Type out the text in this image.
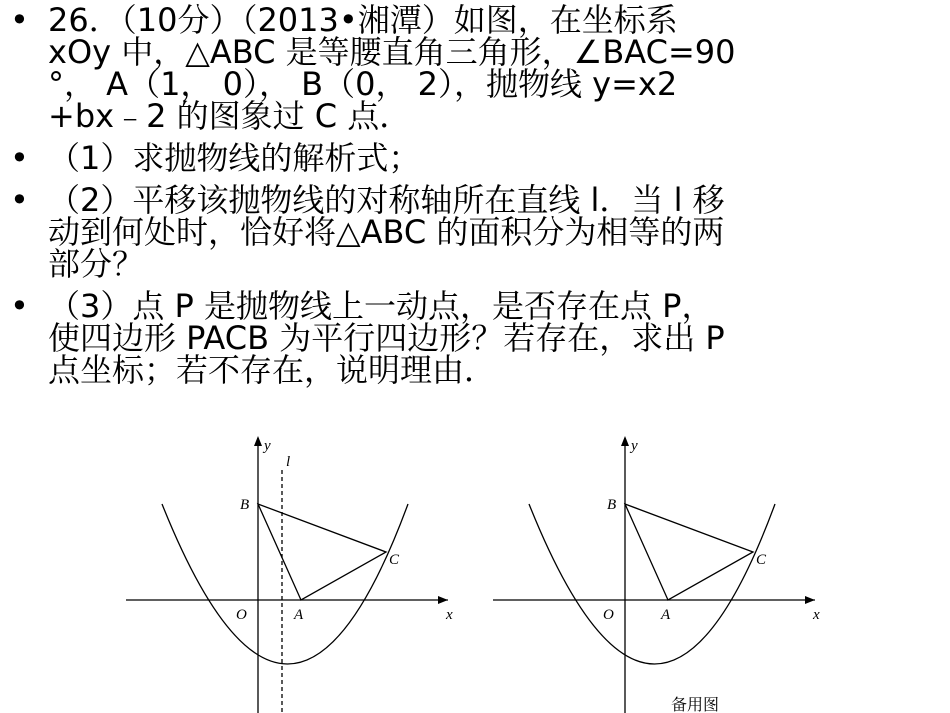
• 26．（10分）（2013•湘潭）如图，在坐标系
xOy 中，△ABC 是等腰直角三角形，∠BAC=90
°， A（1， 0）， B（0， 2），抛物线 y=x2
+bx﹣2 的图象过 C 点．
• （1）求抛物线的解析式；
• （2）平移该抛物线的对称轴所在直线 l．当 l 移
动到何处时，恰好将△ABC 的面积分为相等的两
部分？
• （3）点 P 是抛物线上一动点，是否存在点 P，
使四边形 PACB 为平行四边形？若存在，求出 P
点坐标；若不存在，说明理由．
y
l
B
C
O	A	x
y
B
C
O	A	x
备用图
